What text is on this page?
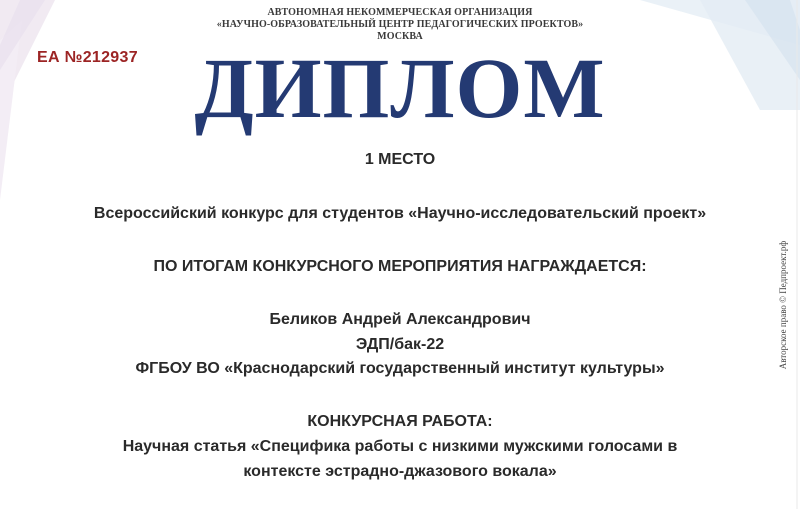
АВТОНОМНАЯ НЕКОММЕРЧЕСКАЯ ОРГАНИЗАЦИЯ
«НАУЧНО-ОБРАЗОВАТЕЛЬНЫЙ ЦЕНТР ПЕДАГОГИЧЕСКИХ ПРОЕКТОВ»
МОСКВА
ЕА №212937 ДИПЛОМ
1 МЕСТО
Всероссийский конкурс для студентов «Научно-исследовательский проект»
ПО ИТОГАМ КОНКУРСНОГО МЕРОПРИЯТИЯ НАГРАЖДАЕТСЯ:
Беликов Андрей Александрович
ЭДП/бак-22
ФГБОУ ВО «Краснодарский государственный институт культуры»
КОНКУРСНАЯ РАБОТА:
Научная статья «Специфика работы с низкими мужскими голосами в
контексте эстрадно-джазового вокала»
Авторское право © Педпроект.рф
